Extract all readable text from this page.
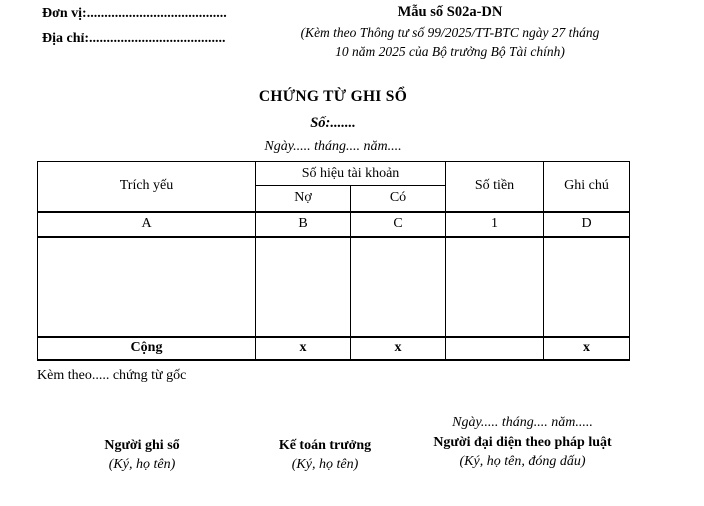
Đơn vị:........................................
Địa chỉ:.......................................
Mẫu số S02a-DN
(Kèm theo Thông tư số 99/2025/TT-BTC ngày 27 tháng
10 năm 2025 của Bộ trưởng Bộ Tài chính)
CHỨNG TỪ GHI SỔ
Số:.......
Ngày..... tháng.... năm....
Trích yếu	Số hiệu tài khoản		Số tiền	Ghi chú
	Nợ	Có		
A	B	C	1	D

Cộng	x	x		x
Kèm theo..... chứng từ gốc
Người ghi sổ
(Ký, họ tên)
Kế toán trưởng
(Ký, họ tên)
Ngày..... tháng.... năm.....
Người đại diện theo pháp luật
(Ký, họ tên, đóng dấu)
